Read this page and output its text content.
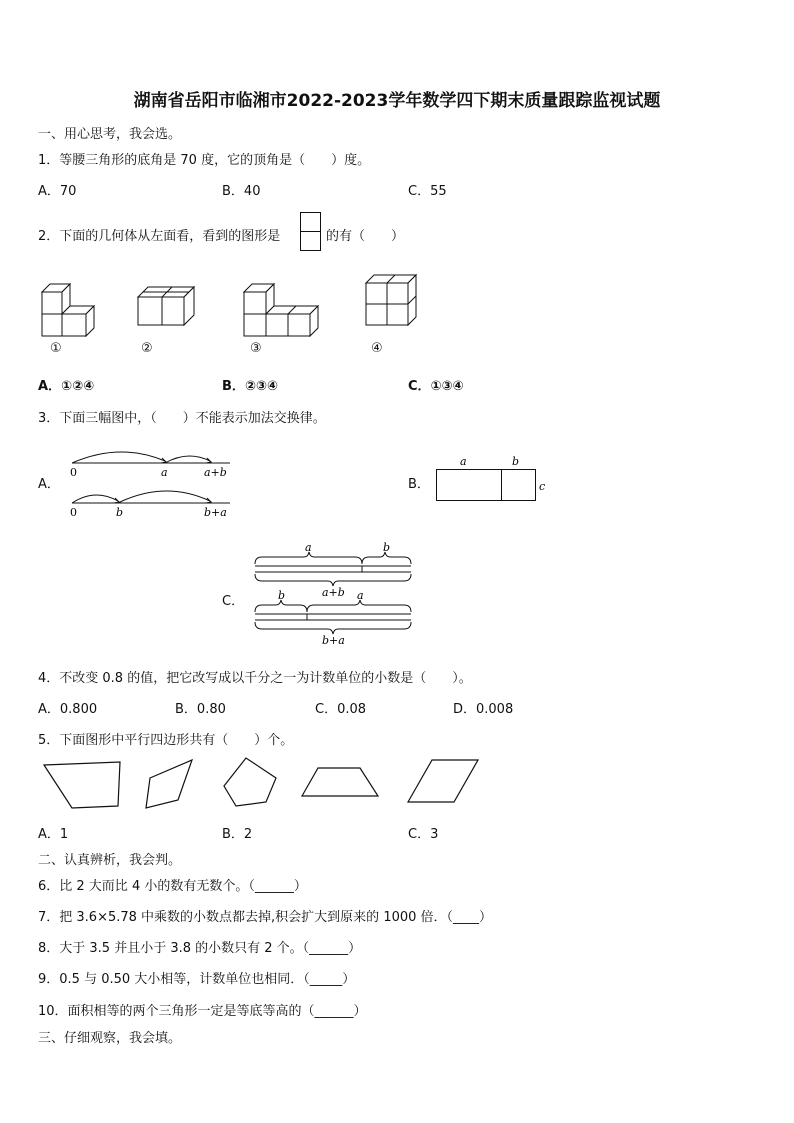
湖南省岳阳市临湘市2022-2023学年数学四下期末质量跟踪监视试题
一、用心思考，我会选。
1．等腰三角形的底角是 70 度，它的顶角是（　　）度。
A．70	B．40	C．55
2．下面的几何体从左面看，看到的图形是	的有（　　）
①	②	③	④
A．①②④	B．②③④	C．①③④
3．下面三幅图中，（　　）不能表示加法交换律。
A．
0	a	a+b
0	b	b+a
B．
a	b
c
C．
a	b
a+b
b	a
b+a
4．不改变 0.8 的值，把它改写成以千分之一为计数单位的小数是（　　）。
A．0.800	B．0.80	C．0.08	D．0.008
5．下面图形中平行四边形共有（　　）个。
A．1	B．2	C．3
二、认真辨析，我会判。
6．比 2 大而比 4 小的数有无数个。（______）
7．把 3.6×5.78 中乘数的小数点都去掉,积会扩大到原来的 1000 倍．（____）
8．大于 3.5 并且小于 3.8 的小数只有 2 个。（______）
9．0.5 与 0.50 大小相等，计数单位也相同．（_____）
10．面积相等的两个三角形一定是等底等高的（______）
三、仔细观察，我会填。
